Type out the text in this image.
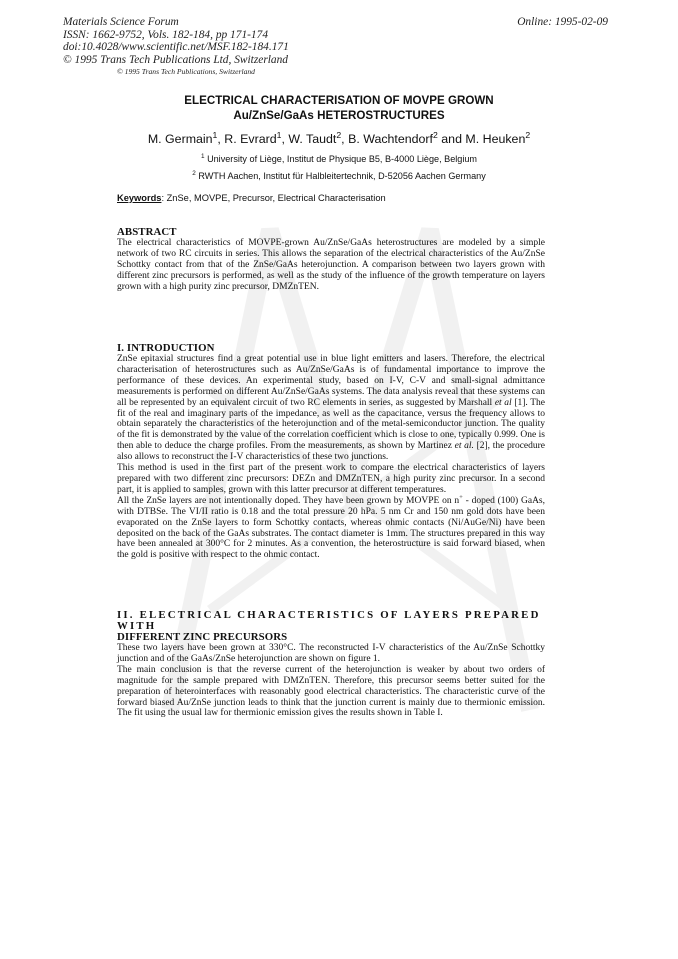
Materials Science Forum
ISSN: 1662-9752, Vols. 182-184, pp 171-174
doi:10.4028/www.scientific.net/MSF.182-184.171
© 1995 Trans Tech Publications Ltd, Switzerland
Online: 1995-02-09
© 1995 Trans Tech Publications, Switzerland
ELECTRICAL CHARACTERISATION OF MOVPE GROWN
Au/ZnSe/GaAs HETEROSTRUCTURES
M. Germain$^1$, R. Evrard$^1$, W. Taudt$^2$, B. Wachtendorf$^2$ and M. Heuken$^2$
$^1$ University of Liège, Institut de Physique B5, B-4000 Liège, Belgium
$^2$ RWTH Aachen, Institut für Halbleitertechnik, D-52056 Aachen Germany
Keywords: ZnSe, MOVPE, Precursor, Electrical Characterisation
ABSTRACT

The electrical characteristics of MOVPE-grown Au/ZnSe/GaAs heterostructures are modeled by a simple network of two RC circuits in series. This allows the separation of the electrical characteristics of the Au/ZnSe Schottky contact from that of the ZnSe/GaAs heterojunction. A comparison between two layers grown with different zinc precursors is performed, as well as the study of the influence of the growth temperature on layers grown with a high purity zinc precursor, DMZnTEN.

I. INTRODUCTION

ZnSe epitaxial structures find a great potential use in blue light emitters and lasers. Therefore, the electrical characterisation of heterostructures such as Au/ZnSe/GaAs is of fundamental importance to improve the performance of these devices. An experimental study, based on I-V, C-V and small-signal admittance measurements is performed on different Au/ZnSe/GaAs systems. The data analysis reveal that these systems can all be represented by an equivalent circuit of two RC elements in series, as suggested by Marshall et al [1]. The fit of the real and imaginary parts of the impedance, as well as the capacitance, versus the frequency allows to obtain separately the characteristics of the heterojunction and of the metal-semiconductor junction. The quality of the fit is demonstrated by the value of the correlation coefficient which is close to one, typically 0.999. One is then able to deduce the charge profiles. From the measurements, as shown by Martinez et al. [2], the procedure also allows to reconstruct the I-V characteristics of these two junctions.

This method is used in the first part of the present work to compare the electrical characteristics of layers prepared with two different zinc precursors: DEZn and DMZnTEN, a high purity zinc precursor. In a second part, it is applied to samples, grown with this latter precursor at different temperatures.

All the ZnSe layers are not intentionally doped. They have been grown by MOVPE on n+ - doped (100) GaAs, with DTBSe. The VI/II ratio is 0.18 and the total pressure 20 hPa. 5 nm Cr and 150 nm gold dots have been evaporated on the ZnSe layers to form Schottky contacts, whereas ohmic contacts (Ni/AuGe/Ni) have been deposited on the back of the GaAs substrates. The contact diameter is 1mm. The structures prepared in this way have been annealed at 300°C for 2 minutes. As a convention, the heterostructure is said forward biased, when the gold is positive with respect to the ohmic contact.

II. ELECTRICAL CHARACTERISTICS OF LAYERS PREPARED WITH
DIFFERENT ZINC PRECURSORS

These two layers have been grown at 330°C. The reconstructed I-V characteristics of the Au/ZnSe Schottky junction and of the GaAs/ZnSe heterojunction are shown on figure 1.

The main conclusion is that the reverse current of the heterojunction is weaker by about two orders of magnitude for the sample prepared with DMZnTEN. Therefore, this precursor seems better suited for the preparation of heterointerfaces with reasonably good electrical characteristics. The characteristic curve of the forward biased Au/ZnSe junction leads to think that the junction current is mainly due to thermionic emission. The fit using the usual law for thermionic emission gives the results shown in Table I.
